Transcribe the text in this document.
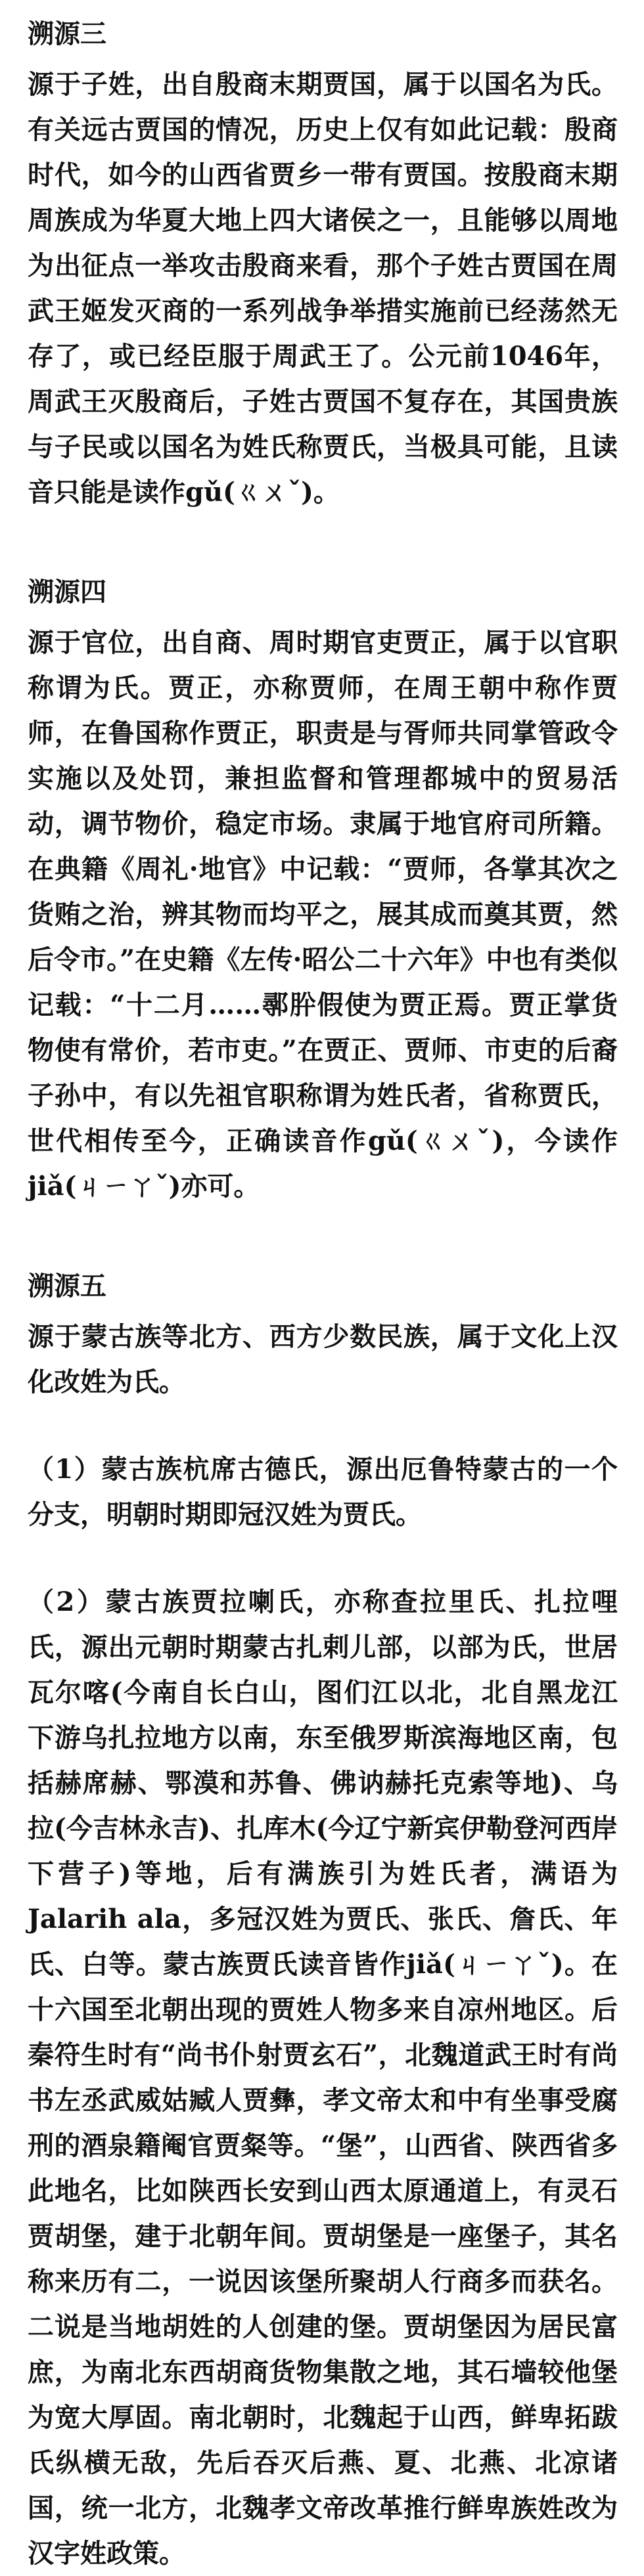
溯源三
源于子姓，出自殷商末期贾国，属于以国名为氏。有关远古贾国的情况，历史上仅有如此记载：殷商时代，如今的山西省贾乡一带有贾国。按殷商末期周族成为华夏大地上四大诸侯之一，且能够以周地为出征点一举攻击殷商来看，那个子姓古贾国在周武王姬发灭商的一系列战争举措实施前已经荡然无存了，或已经臣服于周武王了。公元前1046年，周武王灭殷商后，子姓古贾国不复存在，其国贵族与子民或以国名为姓氏称贾氏，当极具可能，且读音只能是读作gǔ(ㄍㄨˇ)。
溯源四
源于官位，出自商、周时期官吏贾正，属于以官职称谓为氏。贾正，亦称贾师，在周王朝中称作贾师，在鲁国称作贾正，职责是与胥师共同掌管政令实施以及处罚，兼担监督和管理都城中的贸易活动，调节物价，稳定市场。隶属于地官府司所籍。在典籍《周礼·地官》中记载：“贾师，各掌其次之货贿之治，辨其物而均平之，展其成而奠其贾，然后令市。”在史籍《左传·昭公二十六年》中也有类似记载：“十二月……鄩肸假使为贾正焉。贾正掌货物使有常价，若市吏。”在贾正、贾师、市吏的后裔子孙中，有以先祖官职称谓为姓氏者，省称贾氏，世代相传至今，正确读音作gǔ(ㄍㄨˇ)，今读作jiǎ(ㄐㄧㄚˇ)亦可。
溯源五
源于蒙古族等北方、西方少数民族，属于文化上汉化改姓为氏。
（1）蒙古族杭席古德氏，源出厄鲁特蒙古的一个分支，明朝时期即冠汉姓为贾氏。
（2）蒙古族贾拉喇氏，亦称查拉里氏、扎拉哩氏，源出元朝时期蒙古扎剌儿部，以部为氏，世居瓦尔喀(今南自长白山，图们江以北，北自黑龙江下游乌扎拉地方以南，东至俄罗斯滨海地区南，包括赫席赫、鄂漠和苏鲁、佛讷赫托克索等地)、乌拉(今吉林永吉)、扎库木(今辽宁新宾伊勒登河西岸下营子)等地，后有满族引为姓氏者，满语为Jalarih ala，多冠汉姓为贾氏、张氏、詹氏、年氏、白等。蒙古族贾氏读音皆作jiǎ(ㄐㄧㄚˇ)。在十六国至北朝出现的贾姓人物多来自凉州地区。后秦符生时有“尚书仆射贾玄石”，北魏道武王时有尚书左丞武威姑臧人贾彝，孝文帝太和中有坐事受腐刑的酒泉籍阉官贾粲等。“堡”，山西省、陕西省多此地名，比如陕西长安到山西太原通道上，有灵石贾胡堡，建于北朝年间。贾胡堡是一座堡子，其名称来历有二，一说因该堡所聚胡人行商多而获名。二说是当地胡姓的人创建的堡。贾胡堡因为居民富庶，为南北东西胡商货物集散之地，其石墙较他堡为宽大厚固。南北朝时，北魏起于山西，鲜卑拓跋氏纵横无敌，先后吞灭后燕、夏、北燕、北凉诸国，统一北方，北魏孝文帝改革推行鲜卑族姓改为汉字姓政策。
